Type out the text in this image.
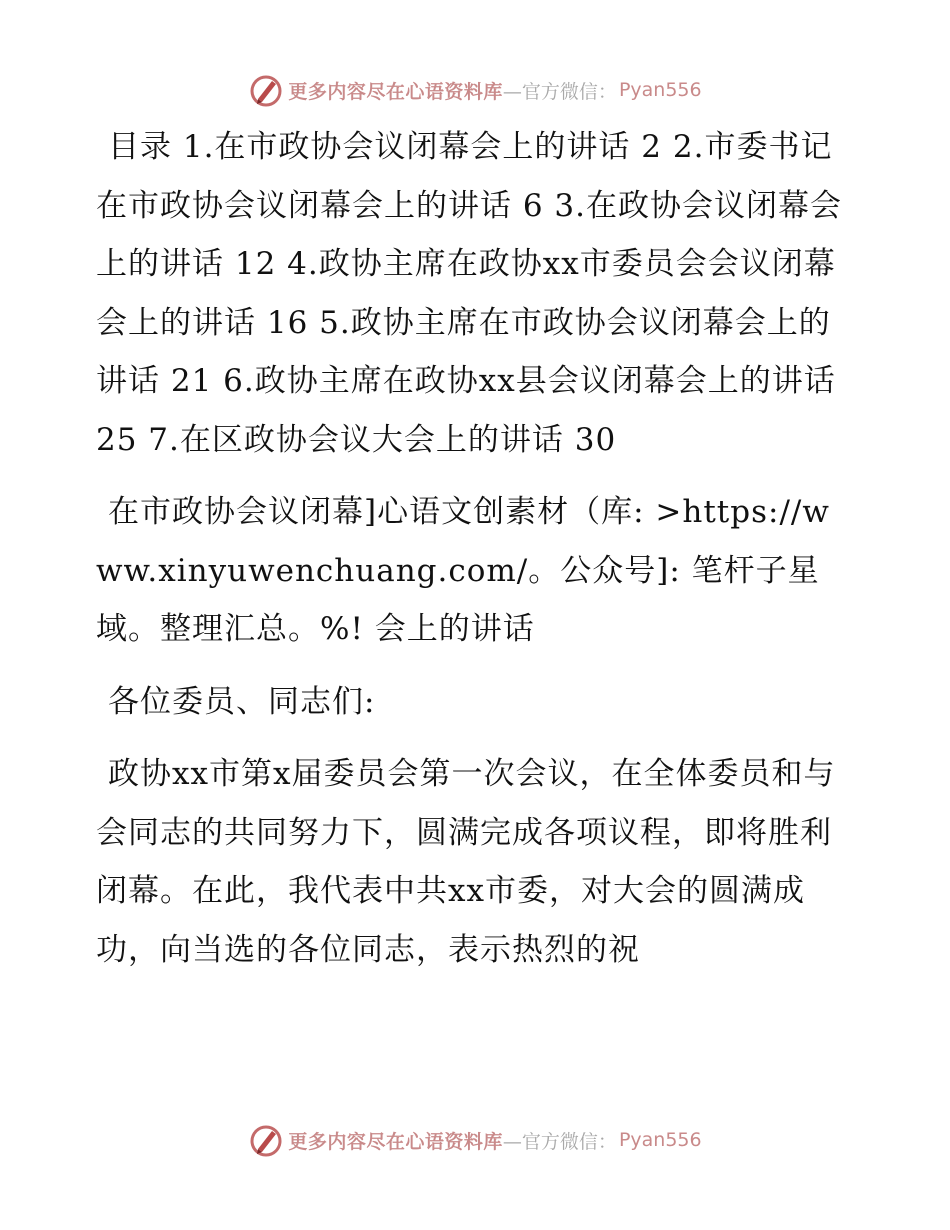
更多内容尽在心语资料库 —官方微信： Pyan556

目录 1.在市政协会议闭幕会上的讲话 2 2.市委书记在市政协会议闭幕会上的讲话 6 3.在政协会议闭幕会上的讲话 12 4.政协主席在政协xx市委员会会议闭幕会上的讲话 16 5.政协主席在市政协会议闭幕会上的讲话 21 6.政协主席在政协xx县会议闭幕会上的讲话 25 7.在区政协会议大会上的讲话 30

在市政协会议闭幕]心语文创素材（库: >https://www.xinyuwenchuang.com/。公众号]: 笔杆子星域。整理汇总。%! 会上的讲话

各位委员、同志们:

政协xx市第x届委员会第一次会议，在全体委员和与会同志的共同努力下，圆满完成各项议程，即将胜利闭幕。在此，我代表中共xx市委，对大会的圆满成功，向当选的各位同志，表示热烈的祝

更多内容尽在心语资料库 —官方微信： Pyan556
